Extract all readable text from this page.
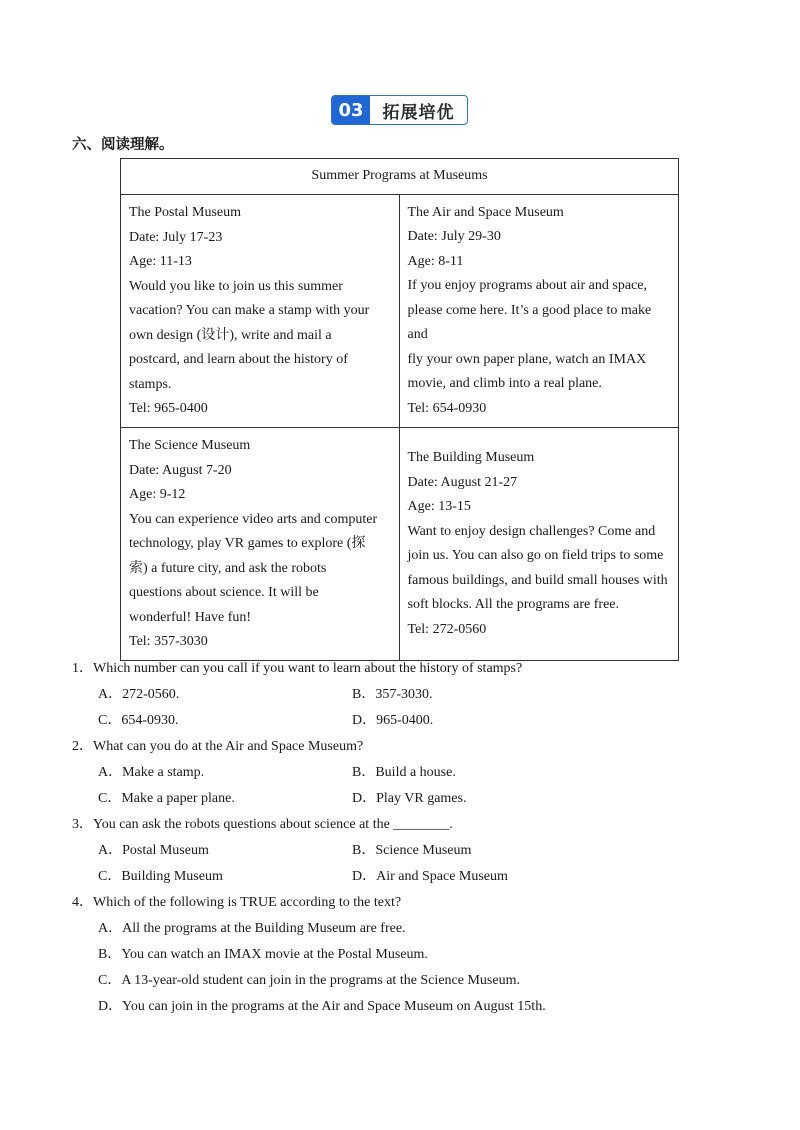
03	拓展培优
六、阅读理解。
Summer Programs at Museums

The Postal Museum

Date: July 17-23

Age: 11-13

Would you like to join us this summer

vacation? You can make a stamp with your

own design (设计), write and mail a

postcard, and learn about the history of

stamps.

Tel: 965-0400

The Air and Space Museum

Date: July 29-30

Age: 8-11

If you enjoy programs about air and space,

please come here. It’s a good place to make and

fly your own paper plane, watch an IMAX

movie, and climb into a real plane.

Tel: 654-0930

The Science Museum

Date: August 7-20

Age: 9-12

You can experience video arts and computer

technology, play VR games to explore (探

索) a future city, and ask the robots

questions about science. It will be

wonderful! Have fun!

Tel: 357-3030

The Building Museum

Date: August 21-27

Age: 13-15

Want to enjoy design challenges? Come and

join us. You can also go on field trips to some

famous buildings, and build small houses with

soft blocks. All the programs are free.

Tel: 272-0560

1．Which number can you call if you want to learn about the history of stamps?
A．272-0560.	B．357-3030.
C．654-0930.	D．965-0400.
2．What can you do at the Air and Space Museum?
A．Make a stamp.	B．Build a house.
C．Make a paper plane.	D．Play VR games.
3．You can ask the robots questions about science at the ________.
A．Postal Museum	B．Science Museum
C．Building Museum	D．Air and Space Museum
4．Which of the following is TRUE according to the text?
A．All the programs at the Building Museum are free.
B．You can watch an IMAX movie at the Postal Museum.
C．A 13-year-old student can join in the programs at the Science Museum.
D．You can join in the programs at the Air and Space Museum on August 15th.
